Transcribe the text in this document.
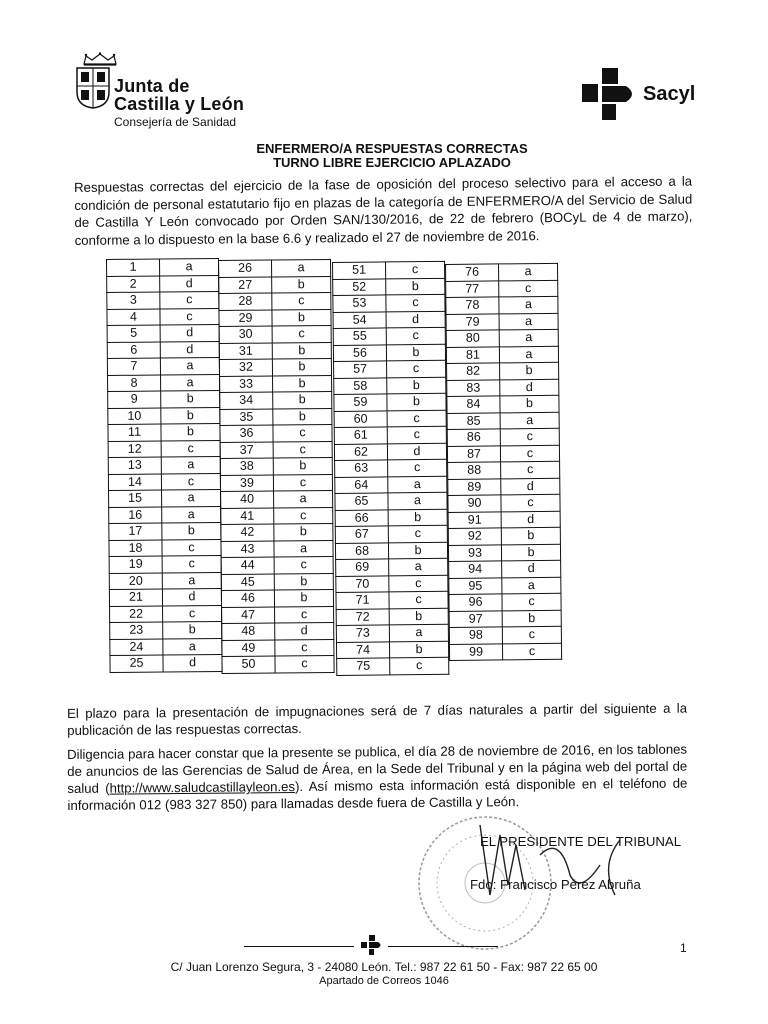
Junta de
Castilla y León
Consejería de Sanidad
Sacyl
ENFERMERO/A RESPUESTAS CORRECTAS
TURNO LIBRE EJERCICIO APLAZADO
Respuestas correctas del ejercicio de la fase de oposición del proceso selectivo para el acceso a la condición de personal estatutario fijo en plazas de la categoría de ENFERMERO/A del Servicio de Salud de Castilla Y León convocado por Orden SAN/130/2016, de 22 de febrero (BOCyL de 4 de marzo), conforme a lo dispuesto en la base 6.6 y realizado el 27 de noviembre de 2016.
1	a
2	d
3	c
4	c
5	d
6	d
7	a
8	a
9	b
10	b
11	b
12	c
13	a
14	c
15	a
16	a
17	b
18	c
19	c
20	a
21	d
22	c
23	b
24	a
25	d
26	a
27	b
28	c
29	b
30	c
31	b
32	b
33	b
34	b
35	b
36	c
37	c
38	b
39	c
40	a
41	c
42	b
43	a
44	c
45	b
46	b
47	c
48	d
49	c
50	c
51	c
52	b
53	c
54	d
55	c
56	b
57	c
58	b
59	b
60	c
61	c
62	d
63	c
64	a
65	a
66	b
67	c
68	b
69	a
70	c
71	c
72	b
73	a
74	b
75	c
76	a
77	c
78	a
79	a
80	a
81	a
82	b
83	d
84	b
85	a
86	c
87	c
88	c
89	d
90	c
91	d
92	b
93	b
94	d
95	a
96	c
97	b
98	c
99	c
El plazo para la presentación de impugnaciones será de 7 días naturales a partir del siguiente a la publicación de las respuestas correctas.
Diligencia para hacer constar que la presente se publica, el día 28 de noviembre de 2016, en los tablones de anuncios de las Gerencias de Salud de Área, en la Sede del Tribunal y en la página web del portal de salud (http://www.saludcastillayleon.es). Así mismo esta información está disponible en el teléfono de información 012 (983 327 850) para llamadas desde fuera de Castilla y León.
EL PRESIDENTE DEL TRIBUNAL
Fdo: Francisco Pérez Abruña
1
C/ Juan Lorenzo Segura, 3 - 24080 León. Tel.: 987 22 61 50 - Fax: 987 22 65 00
Apartado de Correos 1046
